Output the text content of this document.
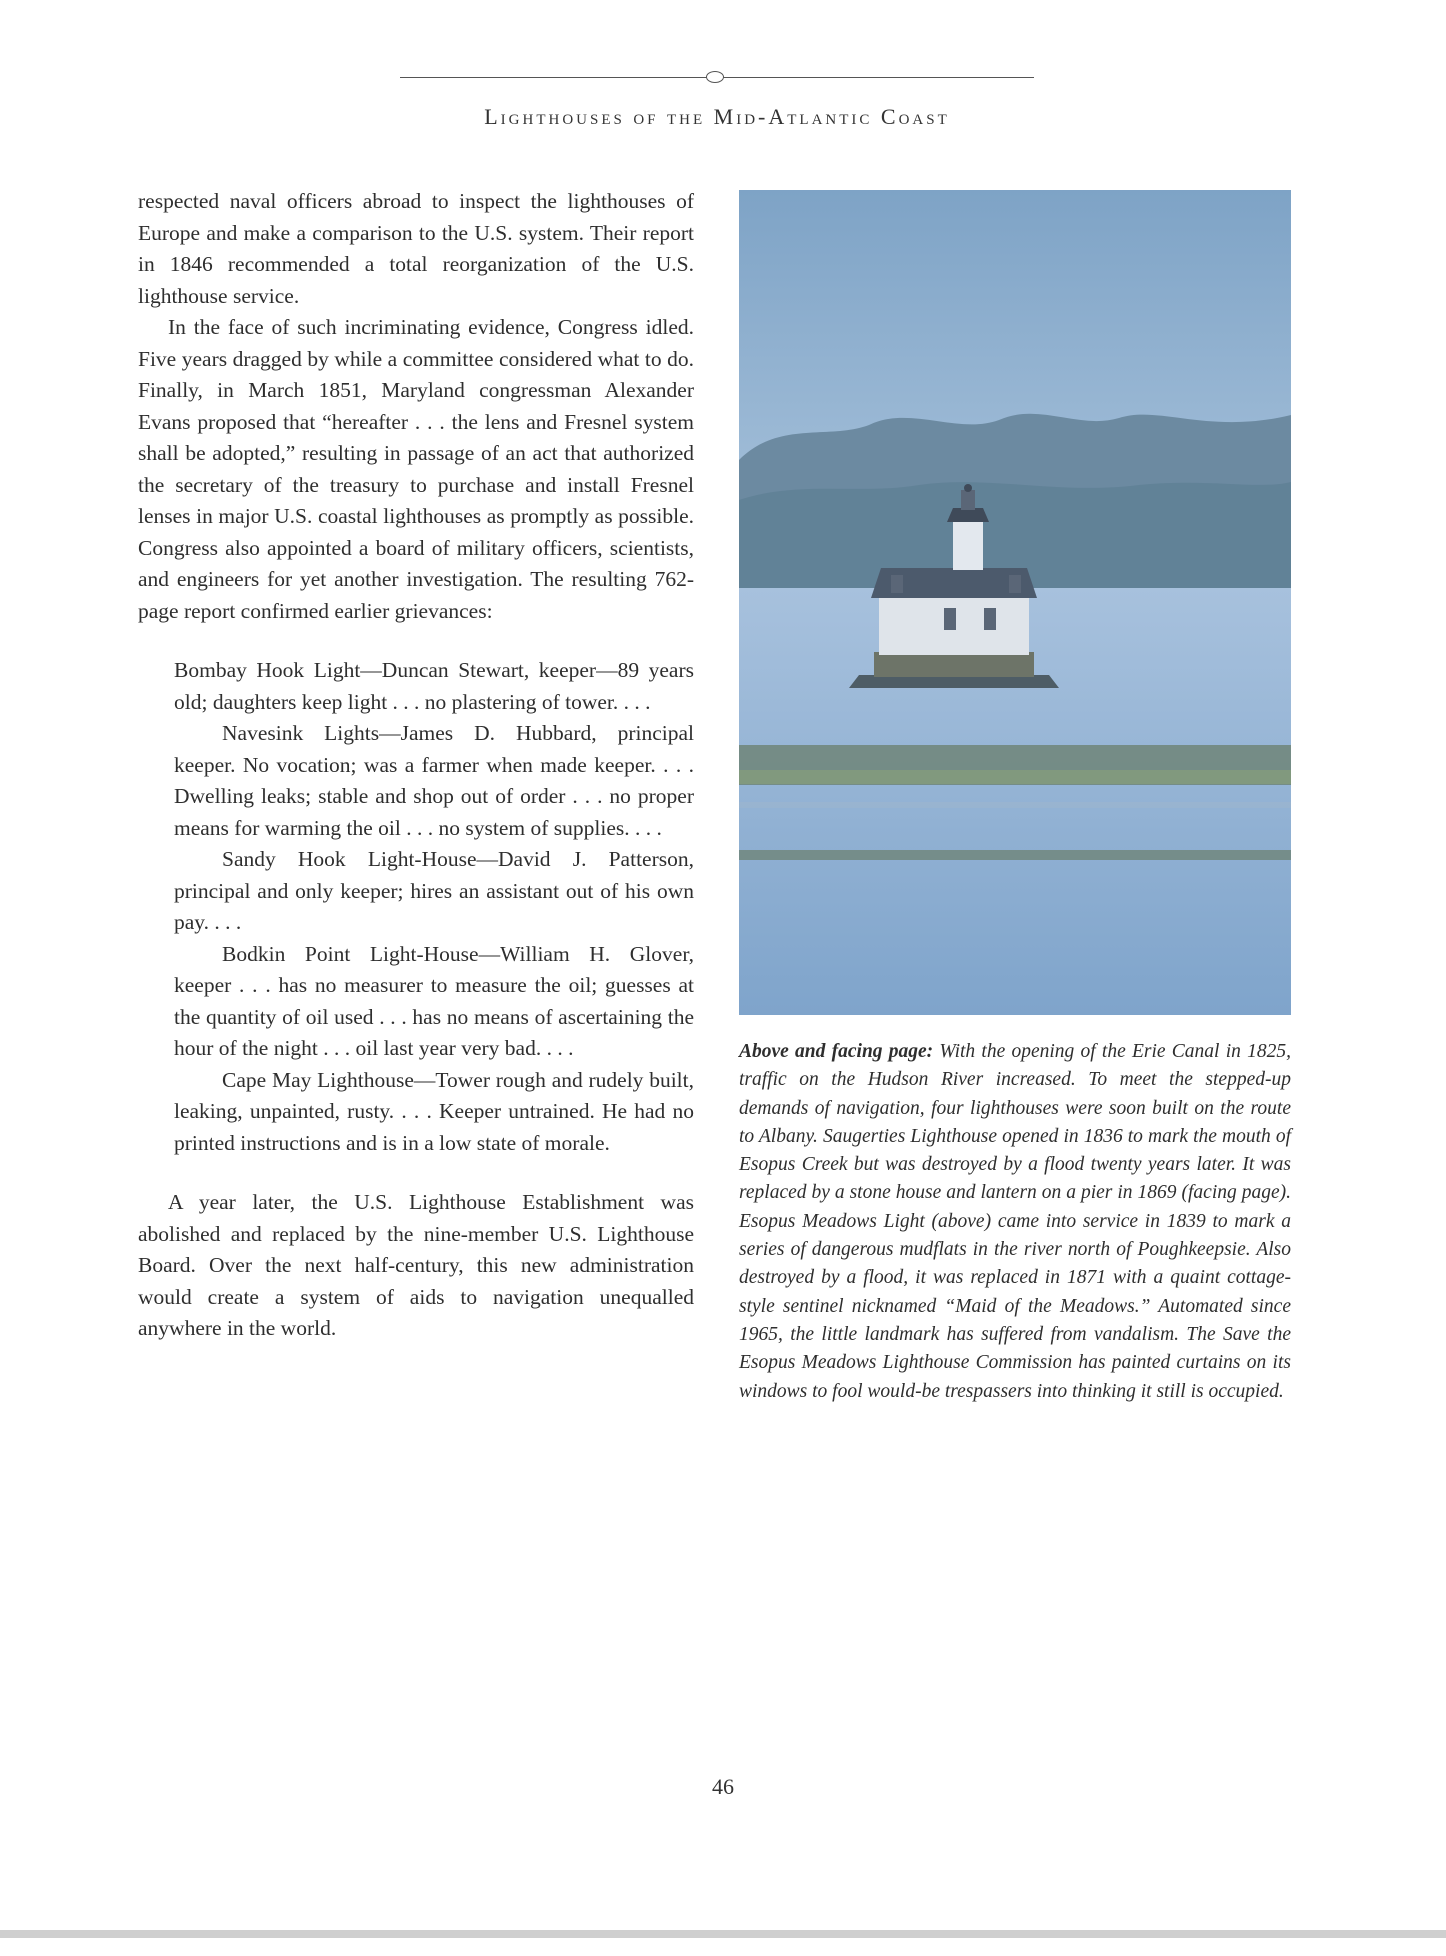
Lighthouses of the Mid-Atlantic Coast

respected naval officers abroad to inspect the lighthouses of Europe and make a comparison to the U.S. system. Their report in 1846 recommended a total reorganization of the U.S. lighthouse service.

In the face of such incriminating evidence, Congress idled. Five years dragged by while a committee considered what to do. Finally, in March 1851, Maryland congressman Alexander Evans proposed that “hereafter . . . the lens and Fresnel system shall be adopted,” resulting in passage of an act that authorized the secretary of the treasury to purchase and install Fresnel lenses in major U.S. coastal lighthouses as promptly as possible. Congress also appointed a board of military officers, scientists, and engineers for yet another investigation. The resulting 762-page report confirmed earlier grievances:

Bombay Hook Light—Duncan Stewart, keeper—89 years old; daughters keep light . . . no plastering of tower. . . .

Navesink Lights—James D. Hubbard, principal keeper. No vocation; was a farmer when made keeper. . . . Dwelling leaks; stable and shop out of order . . . no proper means for warming the oil . . . no system of supplies. . . .

Sandy Hook Light-House—David J. Patterson, principal and only keeper; hires an assistant out of his own pay. . . .

Bodkin Point Light-House—William H. Glover, keeper . . . has no measurer to measure the oil; guesses at the quantity of oil used . . . has no means of ascertaining the hour of the night . . . oil last year very bad. . . .

Cape May Lighthouse—Tower rough and rudely built, leaking, unpainted, rusty. . . . Keeper untrained. He had no printed instructions and is in a low state of morale.

A year later, the U.S. Lighthouse Establishment was abolished and replaced by the nine-member U.S. Lighthouse Board. Over the next half-century, this new administration would create a system of aids to navigation unequalled anywhere in the world.

Above and facing page: With the opening of the Erie Canal in 1825, traffic on the Hudson River increased. To meet the stepped-up demands of navigation, four lighthouses were soon built on the route to Albany. Saugerties Lighthouse opened in 1836 to mark the mouth of Esopus Creek but was destroyed by a flood twenty years later. It was replaced by a stone house and lantern on a pier in 1869 (facing page). Esopus Meadows Light (above) came into service in 1839 to mark a series of dangerous mudflats in the river north of Poughkeepsie. Also destroyed by a flood, it was replaced in 1871 with a quaint cottage-style sentinel nicknamed “Maid of the Meadows.” Automated since 1965, the little landmark has suffered from vandalism. The Save the Esopus Meadows Lighthouse Commission has painted curtains on its windows to fool would-be trespassers into thinking it still is occupied.
46
